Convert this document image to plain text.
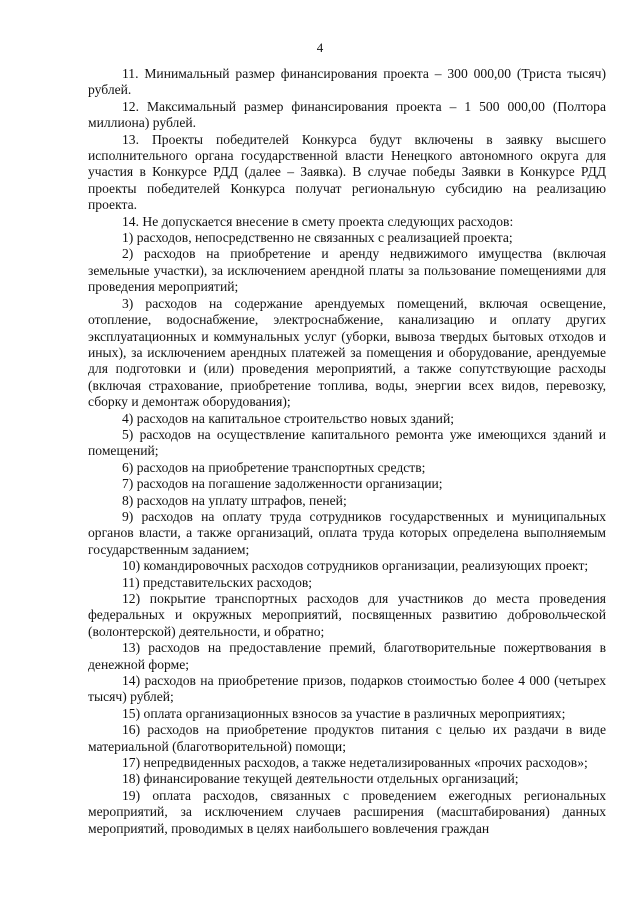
4

11. Минимальный размер финансирования проекта – 300 000,00 (Триста тысяч) рублей.

12. Максимальный размер финансирования проекта – 1 500 000,00 (Полтора миллиона) рублей.

13. Проекты победителей Конкурса будут включены в заявку высшего исполнительного органа государственной власти Ненецкого автономного округа для участия в Конкурсе РДД (далее – Заявка). В случае победы Заявки в Конкурсе РДД проекты победителей Конкурса получат региональную субсидию на реализацию проекта.

14. Не допускается внесение в смету проекта следующих расходов:

1) расходов, непосредственно не связанных с реализацией проекта;

2) расходов на приобретение и аренду недвижимого имущества (включая земельные участки), за исключением арендной платы за пользование помещениями для проведения мероприятий;

3) расходов на содержание арендуемых помещений, включая освещение, отопление, водоснабжение, электроснабжение, канализацию и оплату других эксплуатационных и коммунальных услуг (уборки, вывоза твердых бытовых отходов и иных), за исключением арендных платежей за помещения и оборудование, арендуемые для подготовки и (или) проведения мероприятий, а также сопутствующие расходы (включая страхование, приобретение топлива, воды, энергии всех видов, перевозку, сборку и демонтаж оборудования);

4) расходов на капитальное строительство новых зданий;

5) расходов на осуществление капитального ремонта уже имеющихся зданий и помещений;

6) расходов на приобретение транспортных средств;

7) расходов на погашение задолженности организации;

8) расходов на уплату штрафов, пеней;

9) расходов на оплату труда сотрудников государственных и муниципальных органов власти, а также организаций, оплата труда которых определена выполняемым государственным заданием;

10) командировочных расходов сотрудников организации, реализующих проект;

11) представительских расходов;

12) покрытие транспортных расходов для участников до места проведения федеральных и окружных мероприятий, посвященных развитию добровольческой (волонтерской) деятельности, и обратно;

13) расходов на предоставление премий, благотворительные пожертвования в денежной форме;

14) расходов на приобретение призов, подарков стоимостью более 4 000 (четырех тысяч) рублей;

15) оплата организационных взносов за участие в различных мероприятиях;

16) расходов на приобретение продуктов питания с целью их раздачи в виде материальной (благотворительной) помощи;

17) непредвиденных расходов, а также недетализированных «прочих расходов»;

18) финансирование текущей деятельности отдельных организаций;

19) оплата расходов, связанных с проведением ежегодных региональных мероприятий, за исключением случаев расширения (масштабирования) данных мероприятий, проводимых в целях наибольшего вовлечения граждан
